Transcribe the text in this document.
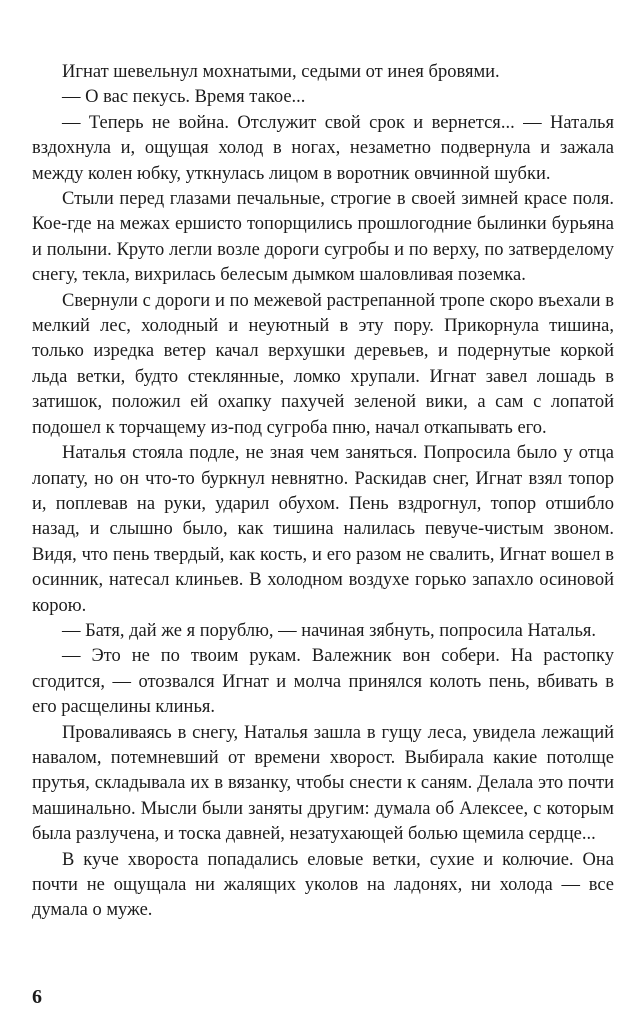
Игнат шевельнул мохнатыми, седыми от инея бровями.

— О вас пекусь. Время такое...

— Теперь не война. Отслужит свой срок и вернется... — Наталья вздохнула и, ощущая холод в ногах, незаметно подвернула и зажала между колен юбку, уткнулась лицом в воротник овчинной шубки.

Стыли перед глазами печальные, строгие в своей зимней красе поля. Кое-где на межах ершисто топорщились прошлогодние былинки бурьяна и полыни. Круто легли возле дороги сугробы и по верху, по затверделому снегу, текла, вихрилась белесым дымком шаловливая поземка.

Свернули с дороги и по межевой растрепанной тропе скоро въехали в мелкий лес, холодный и неуютный в эту пору. Прикорнула тишина, только изредка ветер качал верхушки деревьев, и подернутые коркой льда ветки, будто стеклянные, ломко хрупали. Игнат завел лошадь в затишок, положил ей охапку пахучей зеленой вики, а сам с лопатой подошел к торчащему из-под сугроба пню, начал откапывать его.

Наталья стояла подле, не зная чем заняться. Попросила было у отца лопату, но он что-то буркнул невнятно. Раскидав снег, Игнат взял топор и, поплевав на руки, ударил обухом. Пень вздрогнул, топор отшибло назад, и слышно было, как тишина налилась певуче-чистым звоном. Видя, что пень твердый, как кость, и его разом не свалить, Игнат вошел в осинник, натесал клиньев. В холодном воздухе горько запахло осиновой корою.

— Батя, дай же я порублю, — начиная зябнуть, попросила Наталья.

— Это не по твоим рукам. Валежник вон собери. На растопку сгодится, — отозвался Игнат и молча принялся колоть пень, вбивать в его расщелины клинья.

Проваливаясь в снегу, Наталья зашла в гущу леса, увидела лежащий навалом, потемневший от времени хворост. Выбирала какие потолще прутья, складывала их в вязанку, чтобы снести к саням. Делала это почти машинально. Мысли были заняты другим: думала об Алексее, с которым была разлучена, и тоска давней, незатухающей болью щемила сердце...

В куче хвороста попадались еловые ветки, сухие и колючие. Она почти не ощущала ни жалящих уколов на ладонях, ни холода — все думала о муже.

6
